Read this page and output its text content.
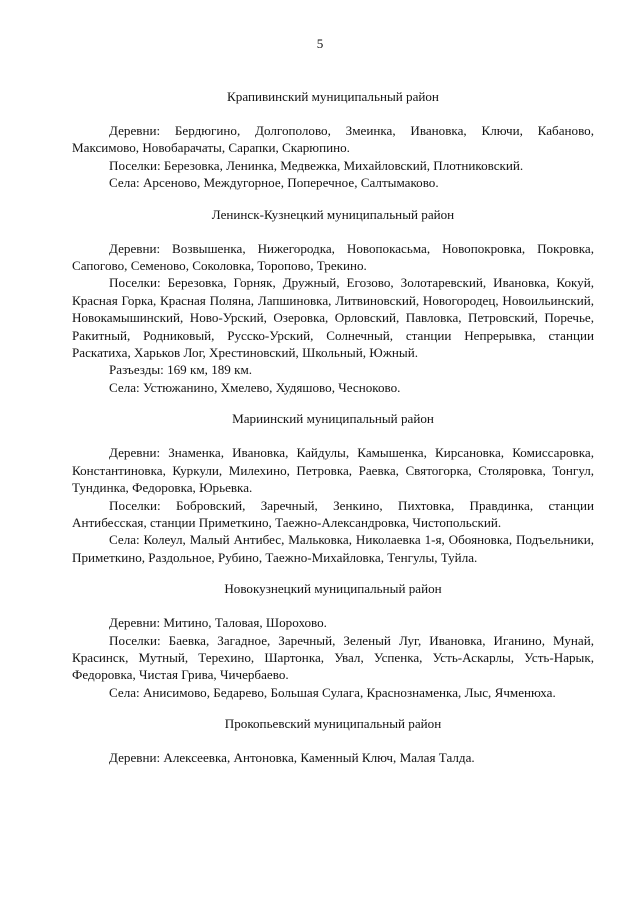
5
Крапивинский муниципальный район

Деревни: Бердюгино, Долгополово, Змеинка, Ивановка, Ключи, Кабаново, Максимово, Новобарачаты, Сарапки, Скарюпино.

Поселки: Березовка, Ленинка, Медвежка, Михайловский, Плотниковский.

Села: Арсеново, Междугорное, Поперечное, Салтымаково.

Ленинск-Кузнецкий муниципальный район

Деревни: Возвышенка, Нижегородка, Новопокасьма, Новопокровка, Покровка, Сапогово, Семеново, Соколовка, Торопово, Трекино.

Поселки: Березовка, Горняк, Дружный, Егозово, Золотаревский, Ивановка, Кокуй, Красная Горка, Красная Поляна, Лапшиновка, Литвиновский, Новогородец, Новоильинский, Новокамышинский, Ново-Урский, Озеровка, Орловский, Павловка, Петровский, Поречье, Ракитный, Родниковый, Русско-Урский, Солнечный, станции Непрерывка, станции Раскатиха, Харьков Лог, Хрестиновский, Школьный, Южный.

Разъезды: 169 км, 189 км.

Села: Устюжанино, Хмелево, Худяшово, Чесноково.

Мариинский муниципальный район

Деревни: Знаменка, Ивановка, Кайдулы, Камышенка, Кирсановка, Комиссаровка, Константиновка, Куркули, Милехино, Петровка, Раевка, Святогорка, Столяровка, Тонгул, Тундинка, Федоровка, Юрьевка.

Поселки: Бобровский, Заречный, Зенкино, Пихтовка, Правдинка, станции Антибесская, станции Приметкино, Таежно-Александровка, Чистопольский.

Села: Колеул, Малый Антибес, Мальковка, Николаевка 1-я, Обояновка, Подъельники, Приметкино, Раздольное, Рубино, Таежно-Михайловка, Тенгулы, Туйла.

Новокузнецкий муниципальный район

Деревни: Митино, Таловая, Шорохово.

Поселки: Баевка, Загадное, Заречный, Зеленый Луг, Ивановка, Иганино, Мунай, Красинск, Мутный, Терехино, Шартонка, Увал, Успенка, Усть-Аскарлы, Усть-Нарык, Федоровка, Чистая Грива, Чичербаево.

Села: Анисимово, Бедарево, Большая Сулага, Краснознаменка, Лыс, Ячменюха.

Прокопьевский муниципальный район

Деревни: Алексеевка, Антоновка, Каменный Ключ, Малая Талда.
